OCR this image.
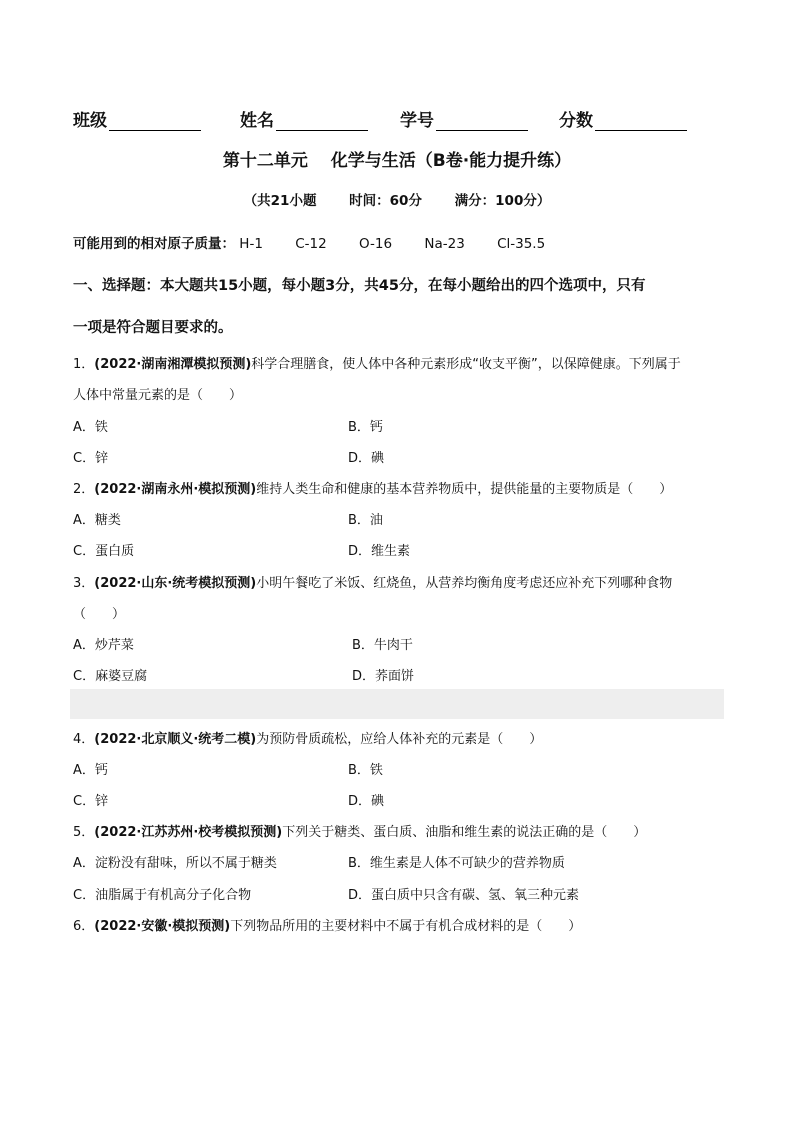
班级	姓名	学号	分数
第十二单元　 化学与生活（B卷·能力提升练）
（共21小题 时间：60分 满分：100分）
可能用到的相对原子质量： H-1 C-12 O-16 Na-23 Cl-35.5
一、选择题：本大题共15小题，每小题3分，共45分，在每小题给出的四个选项中，只有
一项是符合题目要求的。
1．(2022·湖南湘潭模拟预测)科学合理膳食，使人体中各种元素形成“收支平衡”，以保障健康。下列属于
人体中常量元素的是（　　）
A．铁	B．钙
C．锌	D．碘
2．(2022·湖南永州·模拟预测)维持人类生命和健康的基本营养物质中，提供能量的主要物质是（　　）
A．糖类	B．油
C．蛋白质	D．维生素
3．(2022·山东·统考模拟预测)小明午餐吃了米饭、红烧鱼，从营养均衡角度考虑还应补充下列哪种食物
（　　）
A．炒芹菜	B．牛肉干
C．麻婆豆腐	D．荞面饼
4．(2022·北京顺义·统考二模)为预防骨质疏松，应给人体补充的元素是（　　）
A．钙	B．铁
C．锌	D．碘
5．(2022·江苏苏州·校考模拟预测)下列关于糖类、蛋白质、油脂和维生素的说法正确的是（　　）
A．淀粉没有甜味，所以不属于糖类	B．维生素是人体不可缺少的营养物质
C．油脂属于有机高分子化合物	D．蛋白质中只含有碳、氢、氧三种元素
6．(2022·安徽·模拟预测)下列物品所用的主要材料中不属于有机合成材料的是（　　）
